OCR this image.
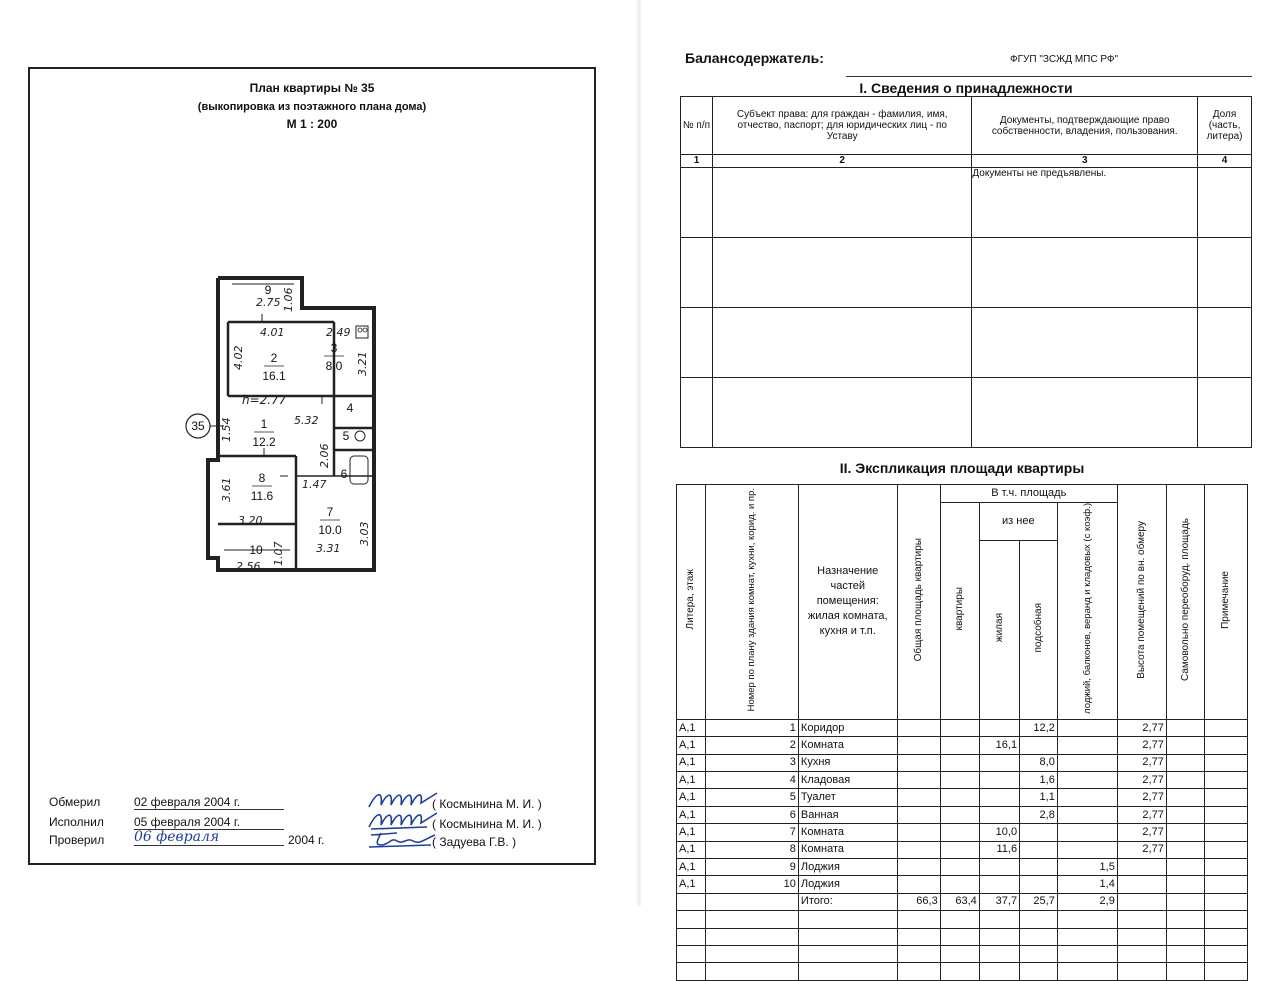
План квартиры № 35
(выкопировка из поэтажного плана дома)
М 1 : 200
Обмерил	02 февраля 2004 г.
Исполнил	05 февраля 2004 г.
Проверил 06 февраля	2004 г.
( Космынина М. И. )
( Космынина М. И. )
( Задуева Г.В. )
35
2
16.1
3
8.0
1
12.2
4
5
6
8
11.6
7
10.0
9
10
h=2.77
2.75 1.06
4.01	2.49
4.02	3.21
5.32
1.54
2.06
3.61	1.47
3.20
3.03
3.31
1.07
2.56
Балансодержатель:	ФГУП "ЗСЖД МПС РФ"
I. Сведения о принадлежности
№ п/п	Субъект права: для граждан - фамилия, имя, отчество, паспорт; для юридических лиц - по Уставу	Документы, подтверждающие право собственности, владения, пользования.	Доля (часть, литера)
1	2	3	4
		Документы не предъявлены.	

II. Экспликация площади квартиры
Литера, этаж	Номер по плану здания комнат, кухни, корид. и пр.	Назначение частей помещения: жилая комната, кухня и т.п.	Общая площадь квартиры	В т.ч. площадь				Высота помещений по вн. обмеру	Самовольно переоборуд. площадь	Примечание
				квартиры	из нее		лоджий, балконов, веранд и кладовых (с коэф.)			
					жилая	подсобная				
А,1	1	Коридор				12,2		2,77		
А,1	2	Комната			16,1			2,77		
А,1	3	Кухня				8,0		2,77		
А,1	4	Кладовая				1,6		2,77		
А,1	5	Туалет				1,1		2,77		
А,1	6	Ванная				2,8		2,77		
А,1	7	Комната			10,0			2,77		
А,1	8	Комната			11,6			2,77		
А,1	9	Лоджия					1,5			
А,1	10	Лоджия					1,4			
		Итого:	66,3	63,4	37,7	25,7	2,9			
